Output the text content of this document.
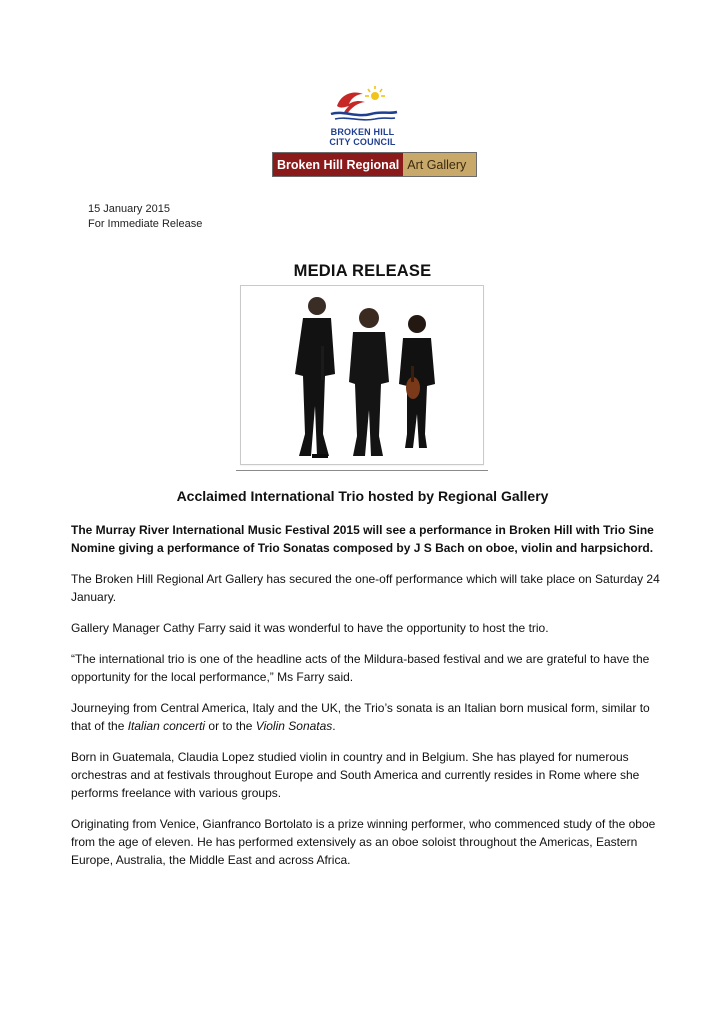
BROKEN HILL
CITY COUNCIL
Broken Hill Regional Art Gallery
15 January 2015
For Immediate Release
MEDIA RELEASE
Acclaimed International Trio hosted by Regional Gallery

The Murray River International Music Festival 2015 will see a performance in Broken Hill with Trio Sine Nomine giving a performance of Trio Sonatas composed by J S Bach on oboe, violin and harpsichord.

The Broken Hill Regional Art Gallery has secured the one-off performance which will take place on Saturday 24 January.

Gallery Manager Cathy Farry said it was wonderful to have the opportunity to host the trio.

“The international trio is one of the headline acts of the Mildura-based festival and we are grateful to have the opportunity for the local performance,” Ms Farry said.

Journeying from Central America, Italy and the UK, the Trio’s sonata is an Italian born musical form, similar to that of the Italian concerti or to the Violin Sonatas.

Born in Guatemala, Claudia Lopez studied violin in country and in Belgium. She has played for numerous orchestras and at festivals throughout Europe and South America and currently resides in Rome where she performs freelance with various groups.

Originating from Venice, Gianfranco Bortolato is a prize winning performer, who commenced study of the oboe from the age of eleven. He has performed extensively as an oboe soloist throughout the Americas, Eastern Europe, Australia, the Middle East and across Africa.
